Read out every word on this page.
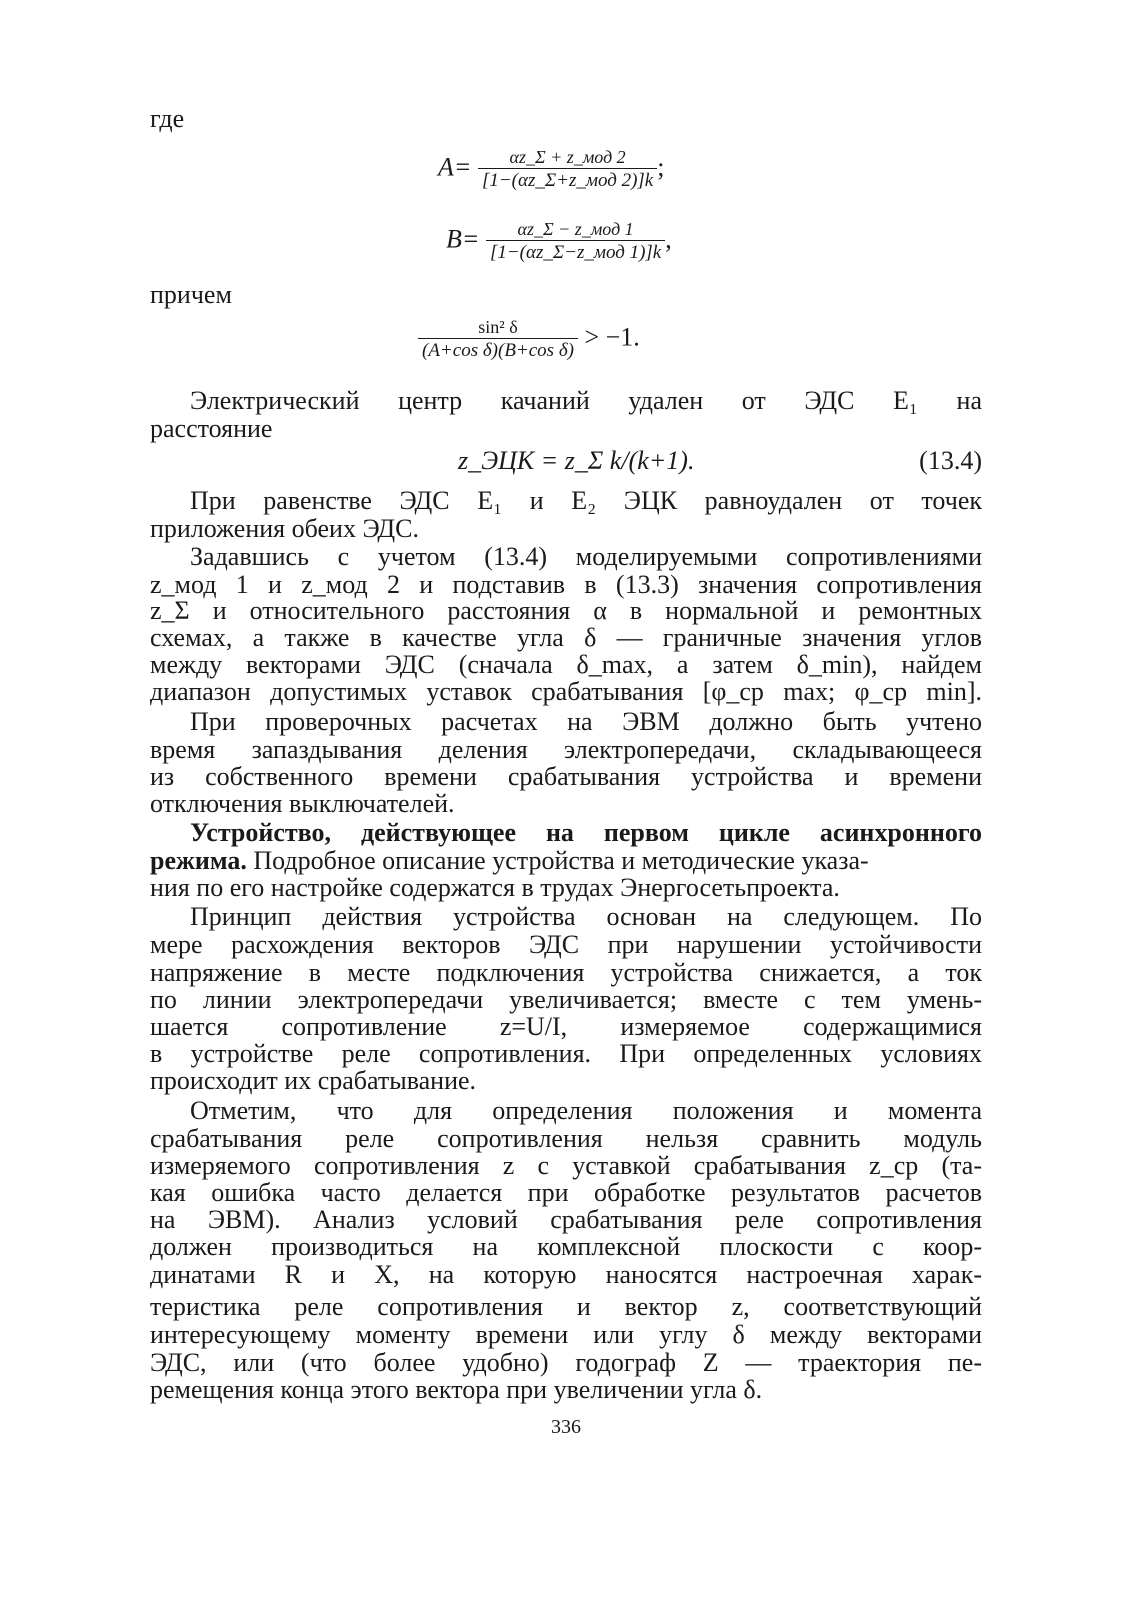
где
$A= \frac{\text{αz\_Σ + z\_мод 2}}{\text{[1−(αz\_Σ+z\_мод 2)]k}}$ ;
$B= \frac{\text{αz\_Σ − z\_мод 1}}{\text{[1−(αz\_Σ−z\_мод 1)]k}}$ ,
причем
$\frac{\text{sin² δ}}{\text{(A+cos δ)(B+cos δ)}} > -1$.
Электрический центр качаний удален от ЭДС E₁ на
расстояние
z_ЭЦК = z_Σ k/(k+1).	(13.4)
При равенстве ЭДС E₁ и E₂ ЭЦК равноудален от точек
приложения обеих ЭДС.
Задавшись с учетом (13.4) моделируемыми сопротивлениями
z_мод 1 и z_мод 2 и подставив в (13.3) значения сопротивления
z_Σ и относительного расстояния α в нормальной и ремонтных
схемах, а также в качестве угла δ — граничные значения углов
между векторами ЭДС (сначала δ_max, а затем δ_min), найдем
диапазон допустимых уставок срабатывания [φ_ср max; φ_ср min].
При проверочных расчетах на ЭВМ должно быть учтено
время запаздывания деления электропередачи, складывающееся
из собственного времени срабатывания устройства и времени
отключения выключателей.
Устройство, действующее на первом цикле асинхронного
режима. Подробное описание устройства и методические указа-
ния по его настройке содержатся в трудах Энергосетьпроекта.
Принцип действия устройства основан на следующем. По
мере расхождения векторов ЭДС при нарушении устойчивости
напряжение в месте подключения устройства снижается, а ток
по линии электропередачи увеличивается; вместе с тем умень-
шается сопротивление z=U/I, измеряемое содержащимися
в устройстве реле сопротивления. При определенных условиях
происходит их срабатывание.
Отметим, что для определения положения и момента
срабатывания реле сопротивления нельзя сравнить модуль
измеряемого сопротивления z с уставкой срабатывания z_ср (та-
кая ошибка часто делается при обработке результатов расчетов
на ЭВМ). Анализ условий срабатывания реле сопротивления
должен производиться на комплексной плоскости с коор-
динатами R и X, на которую наносятся настроечная харак-
теристика реле сопротивления и вектор z, соответствующий
интересующему моменту времени или углу δ между векторами
ЭДС, или (что более удобно) годограф Z — траектория пе-
ремещения конца этого вектора при увеличении угла δ.
336
